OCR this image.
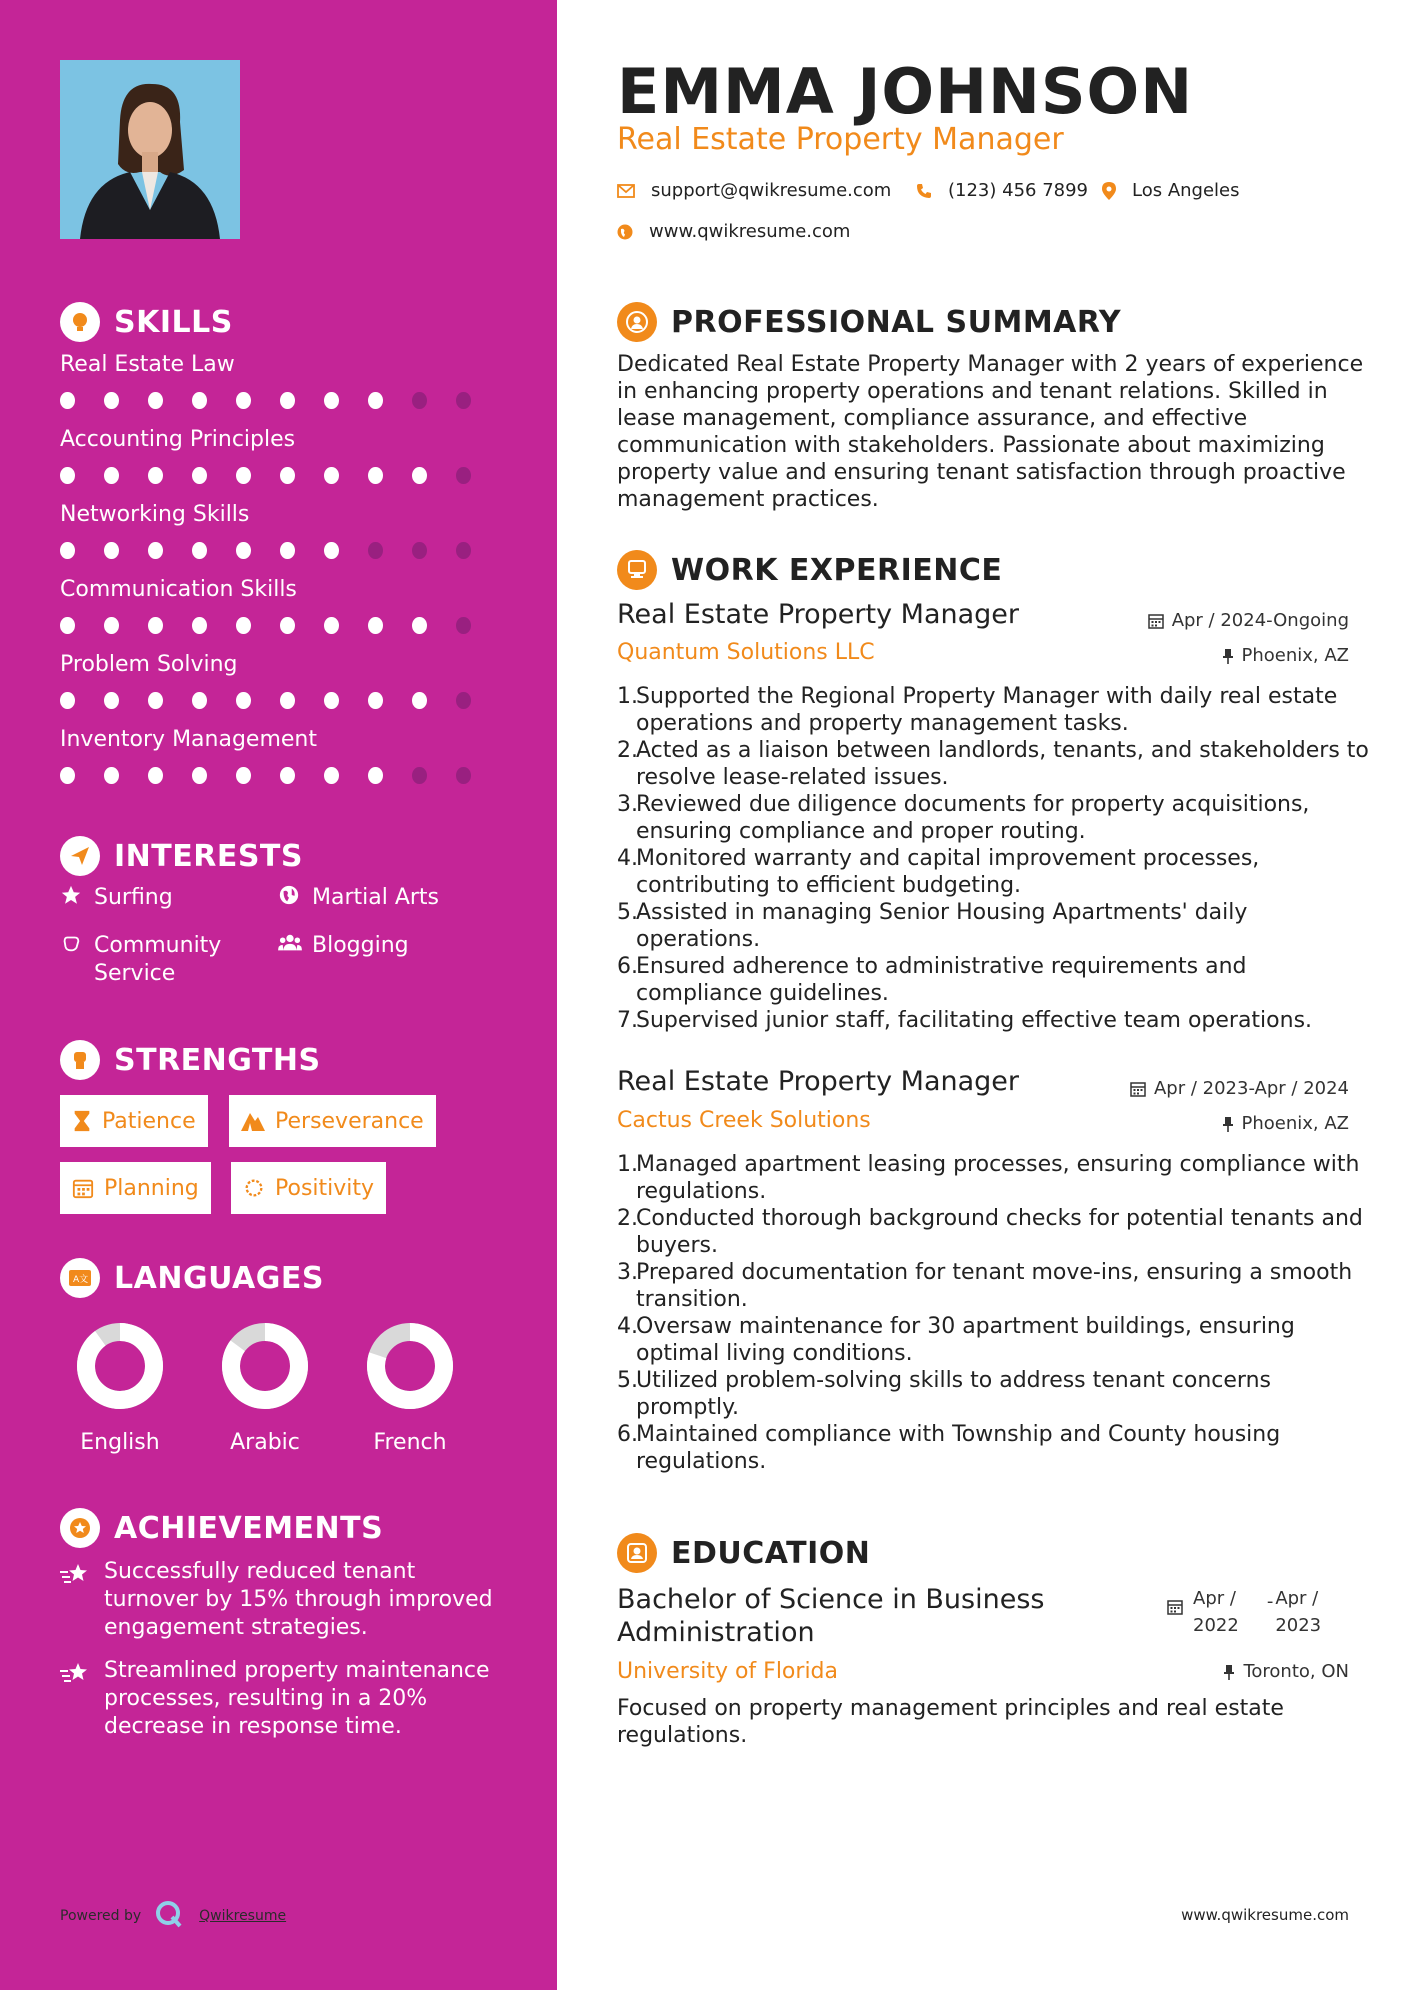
SKILLS
Real Estate Law
Accounting Principles
Networking Skills
Communication Skills
Problem Solving
Inventory Management
INTERESTS
Surfing	Martial Arts
Community Service
Blogging
STRENGTHS
Patience	Perseverance
Planning	Positivity
A文 LANGUAGES
English	Arabic	French
ACHIEVEMENTS
Successfully reduced tenant turnover by 15% through improved engagement strategies.
Streamlined property maintenance processes, resulting in a 20% decrease in response time.
Powered by	Qwikresume
EMMA JOHNSON
Real Estate Property Manager
support@qwikresume.com	(123) 456 7899 Los Angeles
www.qwikresume.com
PROFESSIONAL SUMMARY

Dedicated Real Estate Property Manager with 2 years of experience in enhancing property operations and tenant relations. Skilled in lease management, compliance assurance, and effective communication with stakeholders. Passionate about maximizing property value and ensuring tenant satisfaction through proactive management practices.

WORK EXPERIENCE
Real Estate Property Manager	Apr / 2024-Ongoing
Quantum Solutions LLC	Phoenix, AZ
1.
Supported the Regional Property Manager with daily real estate operations and property management tasks.
2.
Acted as a liaison between landlords, tenants, and stakeholders to resolve lease-related issues.
3.
Reviewed due diligence documents for property acquisitions, ensuring compliance and proper routing.
4.
Monitored warranty and capital improvement processes, contributing to efficient budgeting.
5.
Assisted in managing Senior Housing Apartments' daily operations.
6.
Ensured adherence to administrative requirements and compliance guidelines.
7.
Supervised junior staff, facilitating effective team operations.
Real Estate Property Manager	Apr / 2023-Apr / 2024
Cactus Creek Solutions	Phoenix, AZ
1.
Managed apartment leasing processes, ensuring compliance with regulations.
2.
Conducted thorough background checks for potential tenants and buyers.
3.
Prepared documentation for tenant move-ins, ensuring a smooth transition.
4.
Oversaw maintenance for 30 apartment buildings, ensuring optimal living conditions.
5.
Utilized problem-solving skills to address tenant concerns promptly.
6.
Maintained compliance with Township and County housing regulations.
EDUCATION
Bachelor of Science in Business
Administration
Apr /
2022
- Apr /
2023
University of Florida	Toronto, ON

Focused on property management principles and real estate regulations.

www.qwikresume.com
